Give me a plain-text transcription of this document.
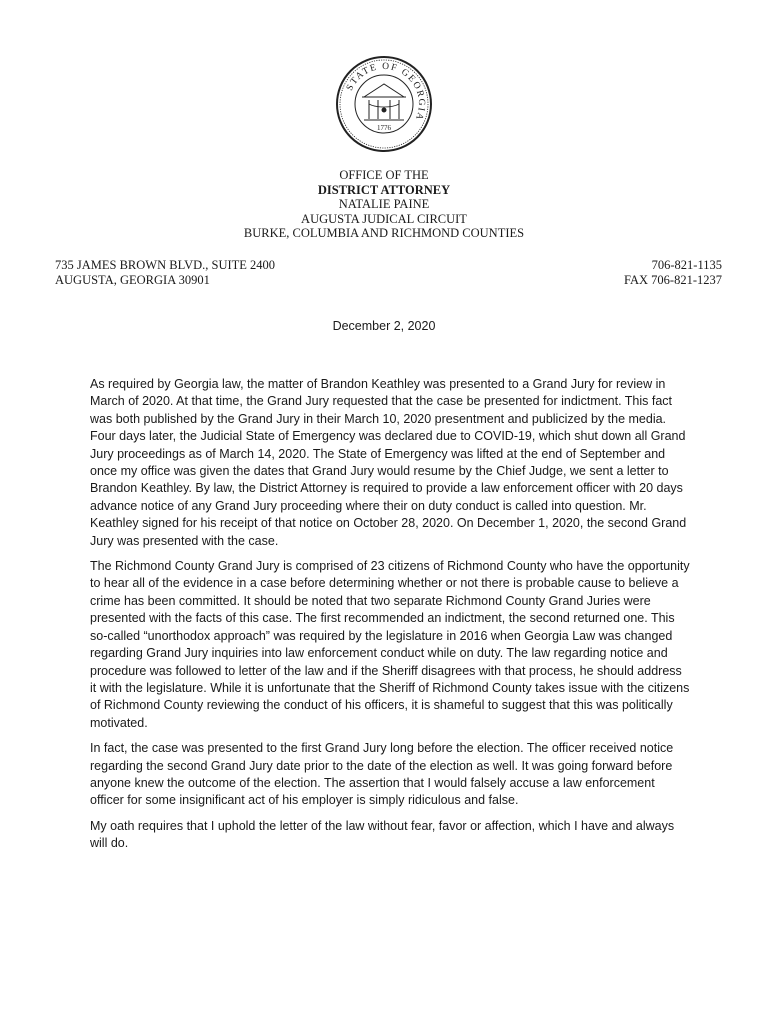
STATE OF GEORGIA
1776
OFFICE OF THE
DISTRICT ATTORNEY
NATALIE PAINE
AUGUSTA JUDICAL CIRCUIT
BURKE, COLUMBIA AND RICHMOND COUNTIES
735 JAMES BROWN BLVD., SUITE 2400
AUGUSTA, GEORGIA 30901
706-821-1135
FAX 706-821-1237
December 2, 2020

As required by Georgia law, the matter of Brandon Keathley was presented to a Grand Jury for review in March of 2020. At that time, the Grand Jury requested that the case be presented for indictment. This fact was both published by the Grand Jury in their March 10, 2020 presentment and publicized by the media. Four days later, the Judicial State of Emergency was declared due to COVID-19, which shut down all Grand Jury proceedings as of March 14, 2020. The State of Emergency was lifted at the end of September and once my office was given the dates that Grand Jury would resume by the Chief Judge, we sent a letter to Brandon Keathley. By law, the District Attorney is required to provide a law enforcement officer with 20 days advance notice of any Grand Jury proceeding where their on duty conduct is called into question. Mr. Keathley signed for his receipt of that notice on October 28, 2020. On December 1, 2020, the second Grand Jury was presented with the case.

The Richmond County Grand Jury is comprised of 23 citizens of Richmond County who have the opportunity to hear all of the evidence in a case before determining whether or not there is probable cause to believe a crime has been committed. It should be noted that two separate Richmond County Grand Juries were presented with the facts of this case. The first recommended an indictment, the second returned one. This so-called “unorthodox approach” was required by the legislature in 2016 when Georgia Law was changed regarding Grand Jury inquiries into law enforcement conduct while on duty. The law regarding notice and procedure was followed to letter of the law and if the Sheriff disagrees with that process, he should address it with the legislature. While it is unfortunate that the Sheriff of Richmond County takes issue with the citizens of Richmond County reviewing the conduct of his officers, it is shameful to suggest that this was politically motivated.

In fact, the case was presented to the first Grand Jury long before the election. The officer received notice regarding the second Grand Jury date prior to the date of the election as well. It was going forward before anyone knew the outcome of the election. The assertion that I would falsely accuse a law enforcement officer for some insignificant act of his employer is simply ridiculous and false.

My oath requires that I uphold the letter of the law without fear, favor or affection, which I have and always will do.
